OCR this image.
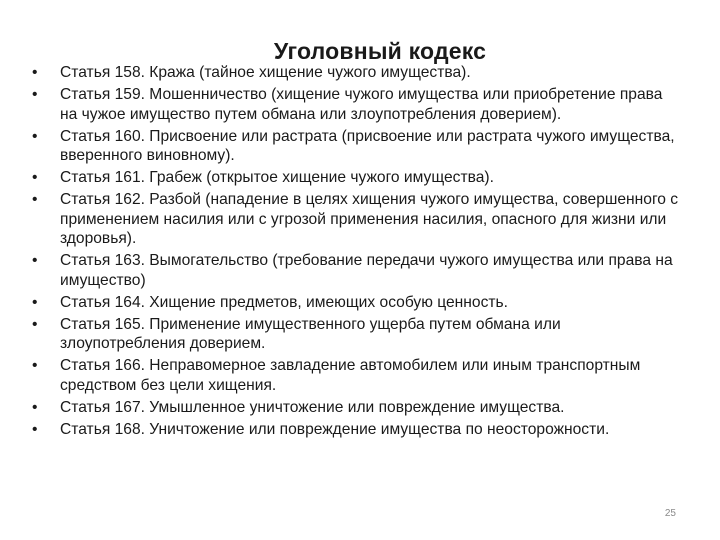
Уголовный кодекс
• Статья 158. Кража (тайное хищение чужого имущества).
• Статья 159. Мошенничество (хищение чужого имущества или приобретение права на чужое имущество путем обмана или злоупотребления доверием).
• Статья 160. Присвоение или растрата (присвоение или растрата чужого имущества, вверенного виновному).
• Статья 161. Грабеж (открытое хищение чужого имущества).
• Статья 162. Разбой (нападение в целях хищения чужого имущества, совершенного с применением насилия или с угрозой применения насилия, опасного для жизни или здоровья).
• Статья 163. Вымогательство (требование передачи чужого имущества или права на имущество)
• Статья 164. Хищение предметов, имеющих особую ценность.
• Статья 165. Применение имущественного ущерба путем обмана или злоупотребления доверием.
• Статья 166. Неправомерное завладение автомобилем или иным транспортным средством без цели хищения.
• Статья 167. Умышленное уничтожение или повреждение имущества.
• Статья 168. Уничтожение или повреждение имущества по неосторожности.
25
